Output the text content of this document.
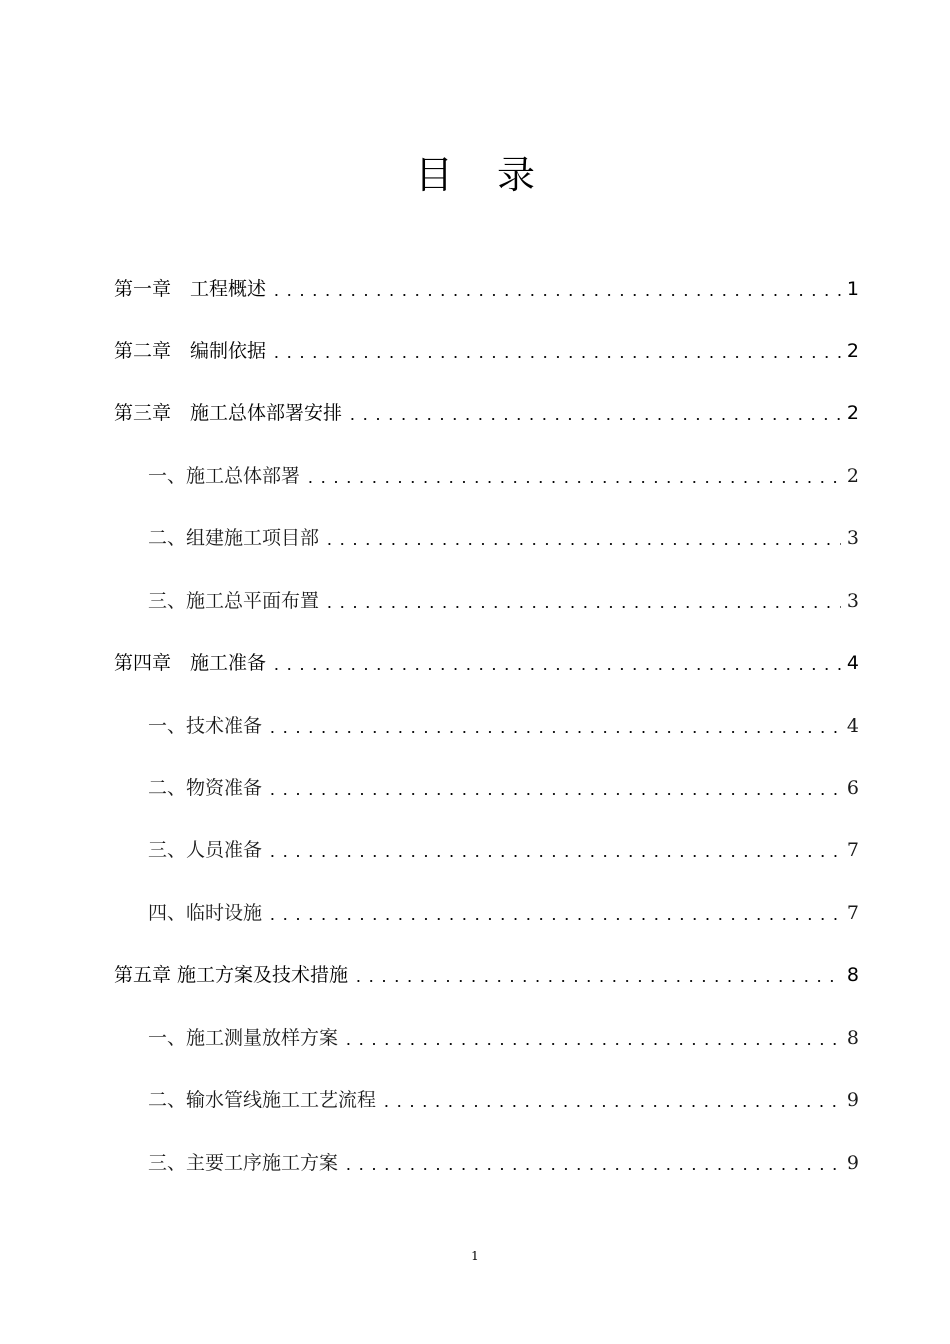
目录
第一章　工程概述	1
第二章　编制依据	2
第三章　施工总体部署安排	2
一、施工总体部署	2
二、组建施工项目部	3
三、施工总平面布置	3
第四章　施工准备	4
一、技术准备	4
二、物资准备	6
三、人员准备	7
四、临时设施	7
第五章 施工方案及技术措施	8
一、施工测量放样方案	8
二、输水管线施工工艺流程	9
三、主要工序施工方案	9
1
